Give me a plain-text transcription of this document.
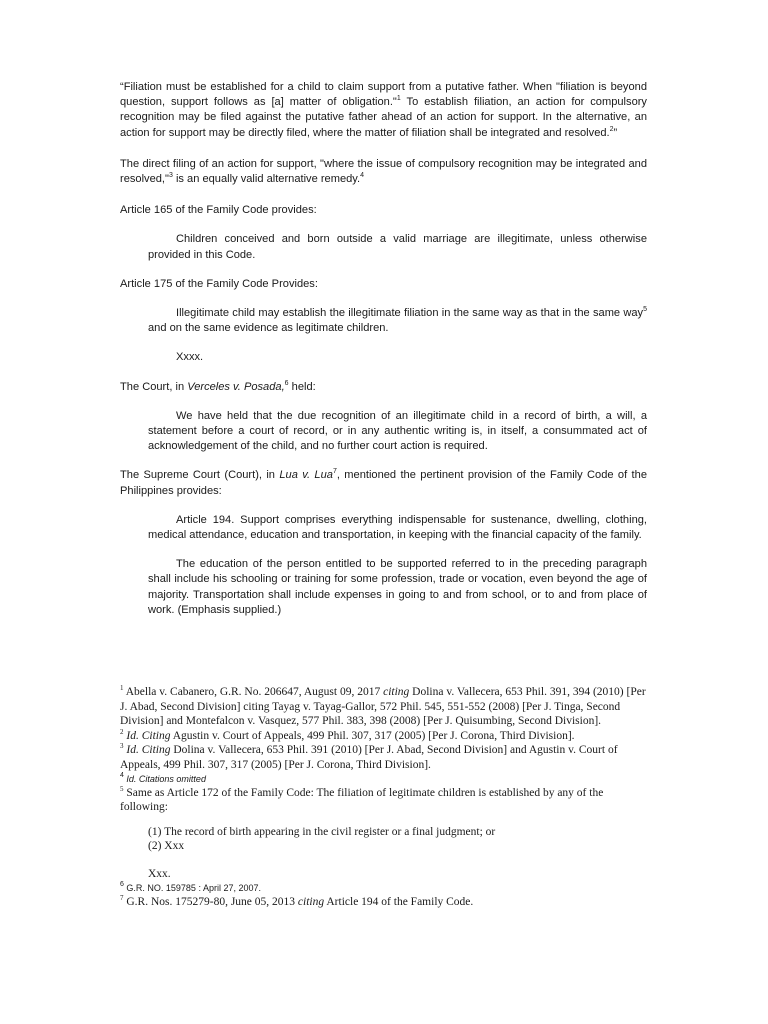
“Filiation must be established for a child to claim support from a putative father. When "filiation is beyond question, support follows as [a] matter of obligation."$^1$ To establish filiation, an action for compulsory recognition may be filed against the putative father ahead of an action for support. In the alternative, an action for support may be directly filed, where the matter of filiation shall be integrated and resolved.$^2$”

The direct filing of an action for support, "where the issue of compulsory recognition may be integrated and resolved,"$^3$ is an equally valid alternative remedy.$^4$

Article 165 of the Family Code provides:

Children conceived and born outside a valid marriage are illegitimate, unless otherwise provided in this Code.

Article 175 of the Family Code Provides:

Illegitimate child may establish the illegitimate filiation in the same way as that in the same way$^5$ and on the same evidence as legitimate children.

Xxxx.

The Court, in Verceles v. Posada,$^6$ held:

We have held that the due recognition of an illegitimate child in a record of birth, a will, a statement before a court of record, or in any authentic writing is, in itself, a consummated act of acknowledgement of the child, and no further court action is required.

The Supreme Court (Court), in Lua v. Lua$^7$, mentioned the pertinent provision of the Family Code of the Philippines provides:

Article 194. Support comprises everything indispensable for sustenance, dwelling, clothing, medical attendance, education and transportation, in keeping with the financial capacity of the family.

The education of the person entitled to be supported referred to in the preceding paragraph shall include his schooling or training for some profession, trade or vocation, even beyond the age of majority. Transportation shall include expenses in going to and from school, or to and from place of work. (Emphasis supplied.)

$^1$ Abella v. Cabanero, G.R. No. 206647, August 09, 2017 citing Dolina v. Vallecera, 653 Phil. 391, 394 (2010) [Per J. Abad, Second Division] citing Tayag v. Tayag-Gallor, 572 Phil. 545, 551-552 (2008) [Per J. Tinga, Second Division] and Montefalcon v. Vasquez, 577 Phil. 383, 398 (2008) [Per J. Quisumbing, Second Division].

$^2$ Id. Citing Agustin v. Court of Appeals, 499 Phil. 307, 317 (2005) [Per J. Corona, Third Division].

$^3$ Id. Citing Dolina v. Vallecera, 653 Phil. 391 (2010) [Per J. Abad, Second Division] and Agustin v. Court of Appeals, 499 Phil. 307, 317 (2005) [Per J. Corona, Third Division].

$^4$ Id. Citations omitted

$^5$ Same as Article 172 of the Family Code: The filiation of legitimate children is established by any of the following:

(1) The record of birth appearing in the civil register or a final judgment; or

(2) Xxx

Xxx.

$^6$ G.R. NO. 159785 : April 27, 2007.

$^7$ G.R. Nos. 175279-80, June 05, 2013 citing Article 194 of the Family Code.
